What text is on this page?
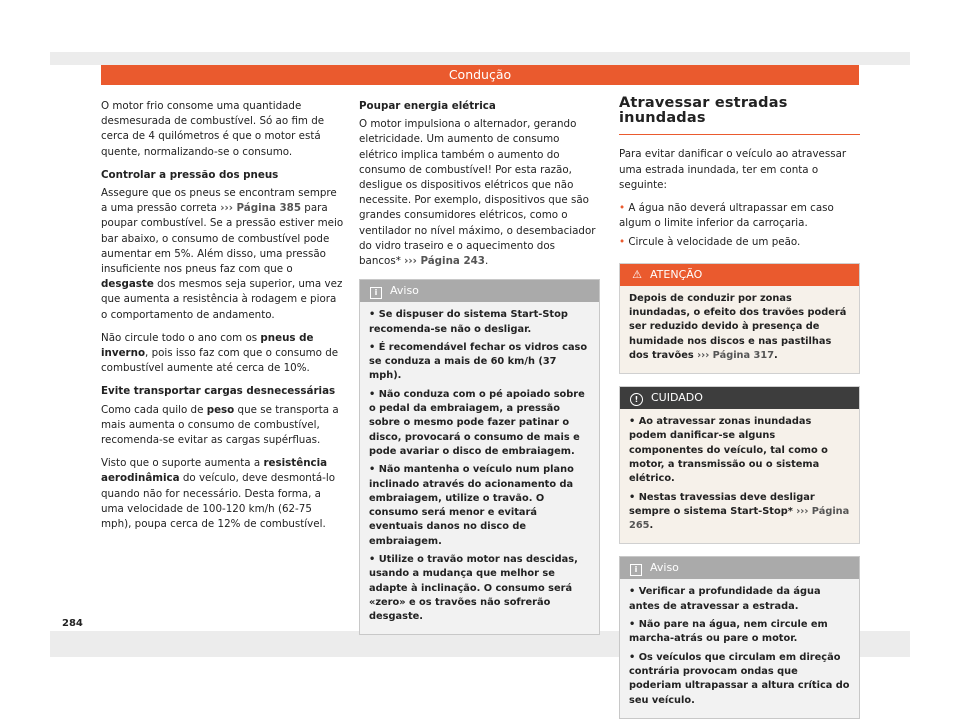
Condução

O motor frio consome uma quantidade desmesurada de combustível. Só ao fim de cerca de 4 quilómetros é que o motor está quente, normalizando-se o consumo.

Controlar a pressão dos pneus

Assegure que os pneus se encontram sempre a uma pressão correta ››› Página 385 para poupar combustível. Se a pressão estiver meio bar abaixo, o consumo de combustível pode aumentar em 5%. Além disso, uma pressão insuficiente nos pneus faz com que o desgaste dos mesmos seja superior, uma vez que aumenta a resistência à rodagem e piora o comportamento de andamento.

Não circule todo o ano com os pneus de inverno, pois isso faz com que o consumo de combustível aumente até cerca de 10%.

Evite transportar cargas desnecessárias

Como cada quilo de peso que se transporta a mais aumenta o consumo de combustível, recomenda-se evitar as cargas supérfluas.

Visto que o suporte aumenta a resistência aerodinâmica do veículo, deve desmontá-lo quando não for necessário. Desta forma, a uma velocidade de 100-120 km/h (62-75 mph), poupa cerca de 12% de combustível.

Poupar energia elétrica

O motor impulsiona o alternador, gerando eletricidade. Um aumento de consumo elétrico implica também o aumento do consumo de combustível! Por esta razão, desligue os dispositivos elétricos que não necessite. Por exemplo, dispositivos que são grandes consumidores elétricos, como o ventilador no nível máximo, o desembaciador do vidro traseiro e o aquecimento dos bancos* ››› Página 243.

i Aviso

• Se dispuser do sistema Start-Stop recomenda-se não o desligar.

• É recomendável fechar os vidros caso se conduza a mais de 60 km/h (37 mph).

• Não conduza com o pé apoiado sobre o pedal da embraiagem, a pressão sobre o mesmo pode fazer patinar o disco, provocará o consumo de mais e pode avariar o disco de embraiagem.

• Não mantenha o veículo num plano inclinado através do acionamento da embraiagem, utilize o travão. O consumo será menor e evitará eventuais danos no disco de embraiagem.

• Utilize o travão motor nas descidas, usando a mudança que melhor se adapte à inclinação. O consumo será «zero» e os travões não sofrerão desgaste.

Atravessar estradas inundadas

Para evitar danificar o veículo ao atravessar uma estrada inundada, ter em conta o seguinte:

• A água não deverá ultrapassar em caso algum o limite inferior da carroçaria.

• Circule à velocidade de um peão.

⚠ ATENÇÃO

Depois de conduzir por zonas inundadas, o efeito dos travões poderá ser reduzido devido à presença de humidade nos discos e nas pastilhas dos travões ››› Página 317.

! CUIDADO

• Ao atravessar zonas inundadas podem danificar-se alguns componentes do veículo, tal como o motor, a transmissão ou o sistema elétrico.

• Nestas travessias deve desligar sempre o sistema Start-Stop* ››› Página 265.

i Aviso

• Verificar a profundidade da água antes de atravessar a estrada.

• Não pare na água, nem circule em marcha-atrás ou pare o motor.

• Os veículos que circulam em direção contrária provocam ondas que poderiam ultrapassar a altura crítica do seu veículo.

284
